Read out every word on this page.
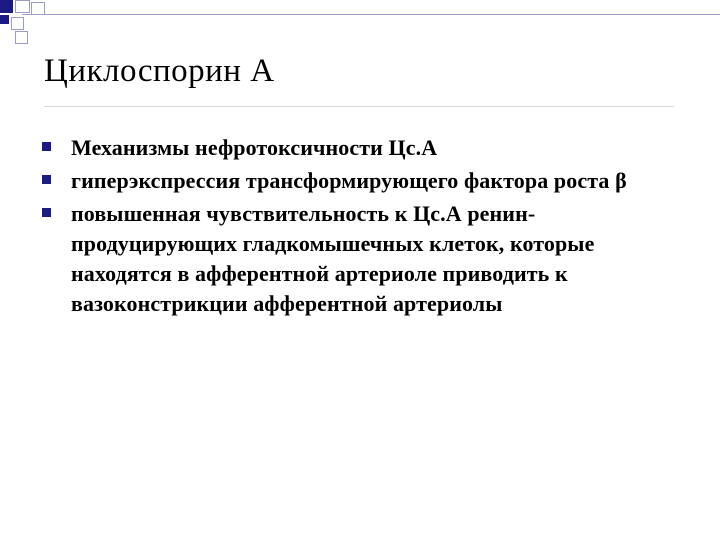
Циклоспорин А
Механизмы нефротоксичности Цс.А
гиперэкспрессия трансформирующего фактора роста β
повышенная чувствительность к Цс.А ренин-продуцирующих гладкомышечных клеток, которые находятся в афферентной артериоле приводить к вазоконстрикции афферентной артериолы
